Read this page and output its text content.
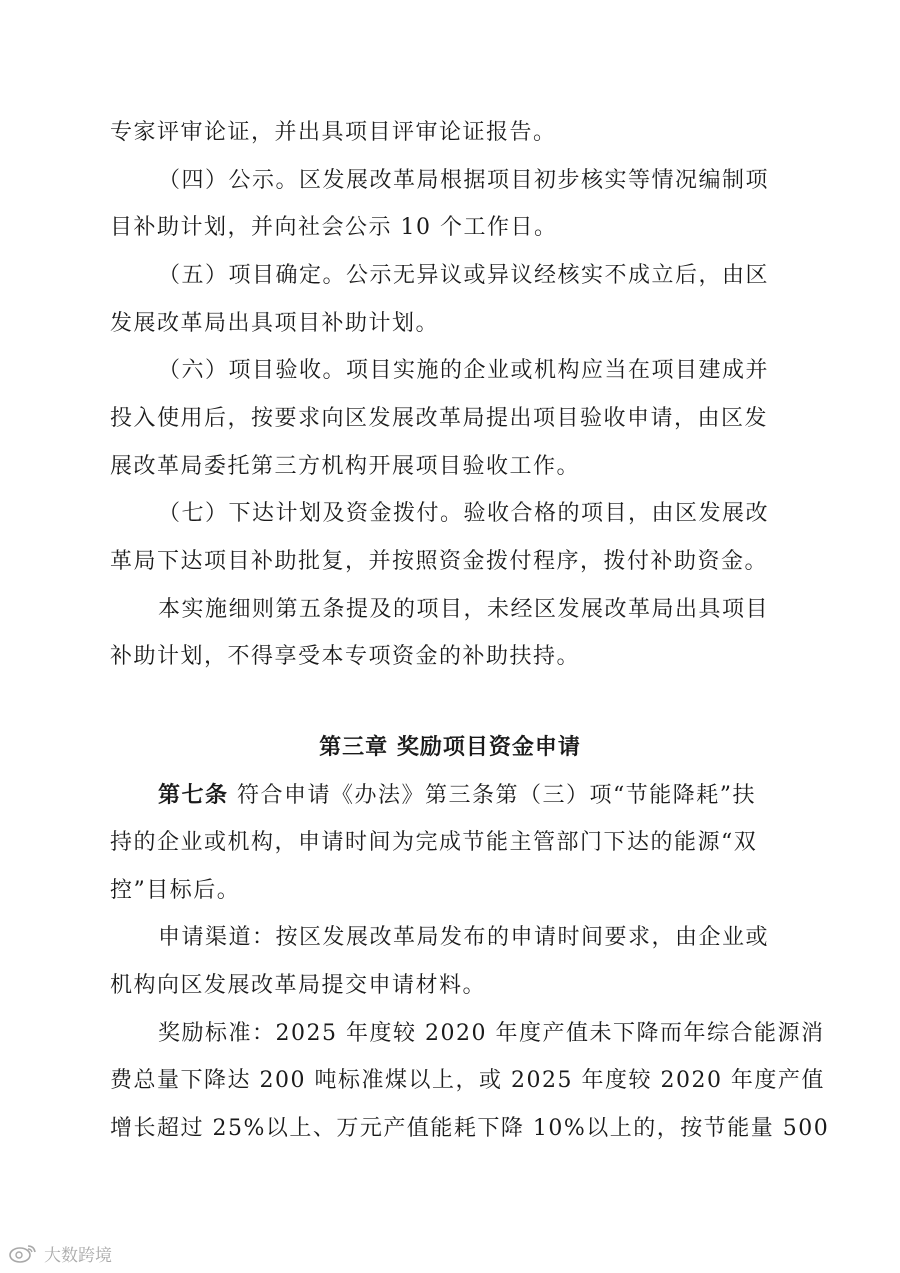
专家评审论证，并出具项目评审论证报告。
（四）公示。区发展改革局根据项目初步核实等情况编制项
目补助计划，并向社会公示 10 个工作日。
（五）项目确定。公示无异议或异议经核实不成立后，由区
发展改革局出具项目补助计划。
（六）项目验收。项目实施的企业或机构应当在项目建成并
投入使用后，按要求向区发展改革局提出项目验收申请，由区发
展改革局委托第三方机构开展项目验收工作。
（七）下达计划及资金拨付。验收合格的项目，由区发展改
革局下达项目补助批复，并按照资金拨付程序，拨付补助资金。
本实施细则第五条提及的项目，未经区发展改革局出具项目
补助计划，不得享受本专项资金的补助扶持。
第三章 奖励项目资金申请
第七条 符合申请《办法》第三条第（三）项“节能降耗”扶
持的企业或机构，申请时间为完成节能主管部门下达的能源“双
控”目标后。
申请渠道：按区发展改革局发布的申请时间要求，由企业或
机构向区发展改革局提交申请材料。
奖励标准：2025 年度较 2020 年度产值未下降而年综合能源消
费总量下降达 200 吨标准煤以上，或 2025 年度较 2020 年度产值
增长超过 25%以上、万元产值能耗下降 10%以上的，按节能量 500
大数跨境
